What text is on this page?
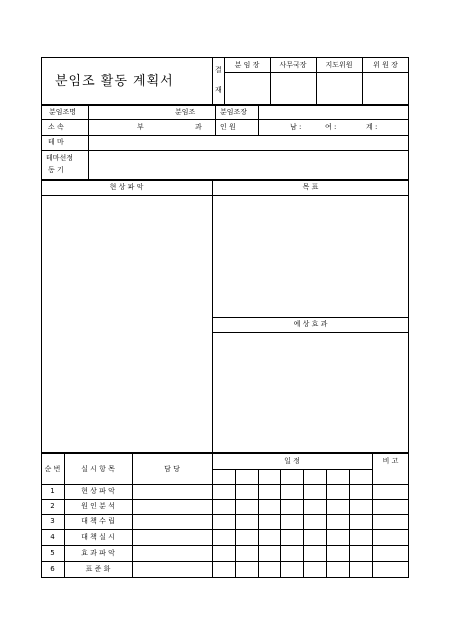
분임조 활동 계획서
결
재
분 임 장	사무국장	지도위원	위 원 장
분임조명	분임조	분임조장
소 속	부	과	인 원	남 :	여 :	계 :
테 마
테마선정
동 기
현 상 파 악	목 표
예 상 효 과
순 번	실 시 항 목	담 당
일 정	비 고
1	현 상 파 악
2	원 인 분 석
3	대 책 수 립
4	대 책 실 시
5	효 과 파 악
6	표 준 화
